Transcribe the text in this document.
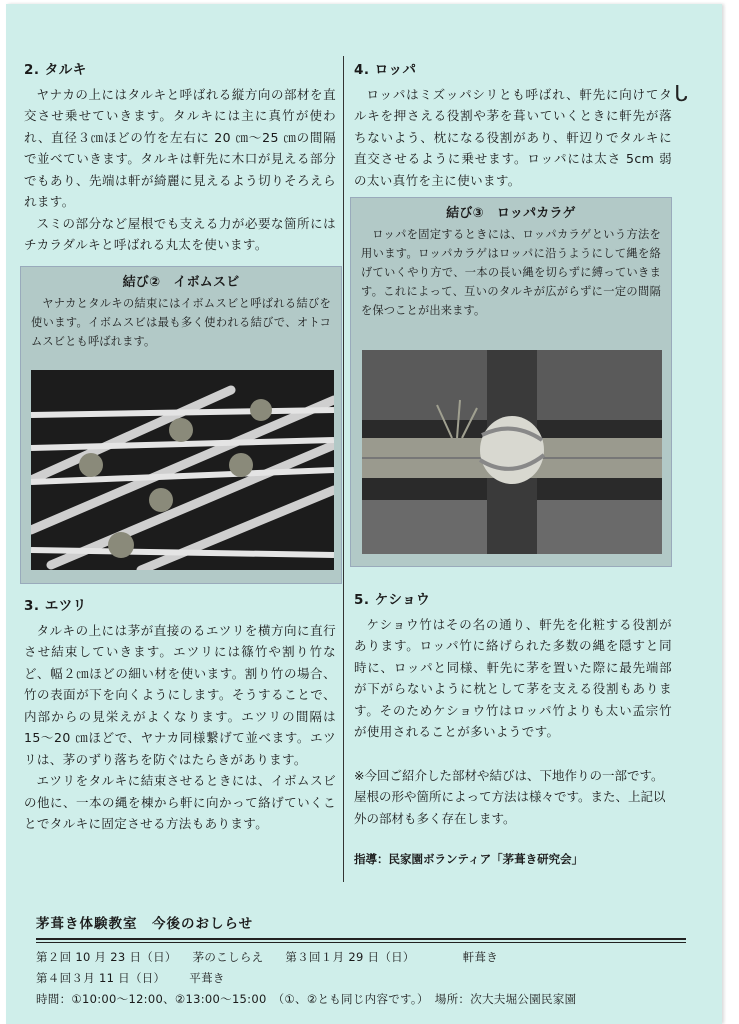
ᒐ

2. タルキ

ヤナカの上にはタルキと呼ばれる縦方向の部材を直交させ乗せていきます。タルキには主に真竹が使われ、直径３㎝ほどの竹を左右に 20 ㎝〜25 ㎝の間隔で並べていきます。タルキは軒先に木口が見える部分でもあり、先端は軒が綺麗に見えるよう切りそろえられます。

スミの部分など屋根でも支える力が必要な箇所にはチカラダルキと呼ばれる丸太を使います。

結び②　イボムスビ

ヤナカとタルキの結束にはイボムスビと呼ばれる結びを使います。イボムスビは最も多く使われる結びで、オトコムスビとも呼ばれます。

3. エツリ

タルキの上には茅が直接のるエツリを横方向に直行させ結束していきます。エツリには篠竹や割り竹など、幅２㎝ほどの細い材を使います。割り竹の場合、竹の表面が下を向くようにします。そうすることで、内部からの見栄えがよくなります。エツリの間隔は 15〜20 ㎝ほどで、ヤナカ同様繋げて並べます。エツリは、茅のずり落ちを防ぐはたらきがあります。

エツリをタルキに結束させるときには、イボムスビの他に、一本の縄を棟から軒に向かって絡げていくことでタルキに固定させる方法もあります。

4. ロッパ

ロッパはミズッパシリとも呼ばれ、軒先に向けてタルキを押さえる役割や茅を葺いていくときに軒先が落ちないよう、枕になる役割があり、軒辺りでタルキに直交させるように乗せます。ロッパには太さ 5cm 弱の太い真竹を主に使います。

結び③　ロッパカラゲ

ロッパを固定するときには、ロッパカラゲという方法を用います。ロッパカラゲはロッパに沿うようにして縄を絡げていくやり方で、一本の長い縄を切らずに縛っていきます。これによって、互いのタルキが広がらずに一定の間隔を保つことが出来ます。

5. ケショウ

ケショウ竹はその名の通り、軒先を化粧する役割があります。ロッパ竹に絡げられた多数の縄を隠すと同時に、ロッパと同様、軒先に茅を置いた際に最先端部が下がらないように枕として茅を支える役割もあります。そのためケショウ竹はロッパ竹よりも太い孟宗竹が使用されることが多いようです。

※今回ご紹介した部材や結びは、下地作りの一部です。屋根の形や箇所によって方法は様々です。また、上記以外の部材も多く存在します。

指導：民家園ボランティア「茅葺き研究会」

茅葺き体験教室　今後のおしらせ

第２回 10 月 23 日（日） 茅のこしらえ 第３回１月 29 日（日）	軒葺き
第４回３月 11 日（日） 平葺き
時間：①10:00〜12:00、②13:00〜15:00　（①、②とも同じ内容です。）　場所：次大夫堀公園民家園
